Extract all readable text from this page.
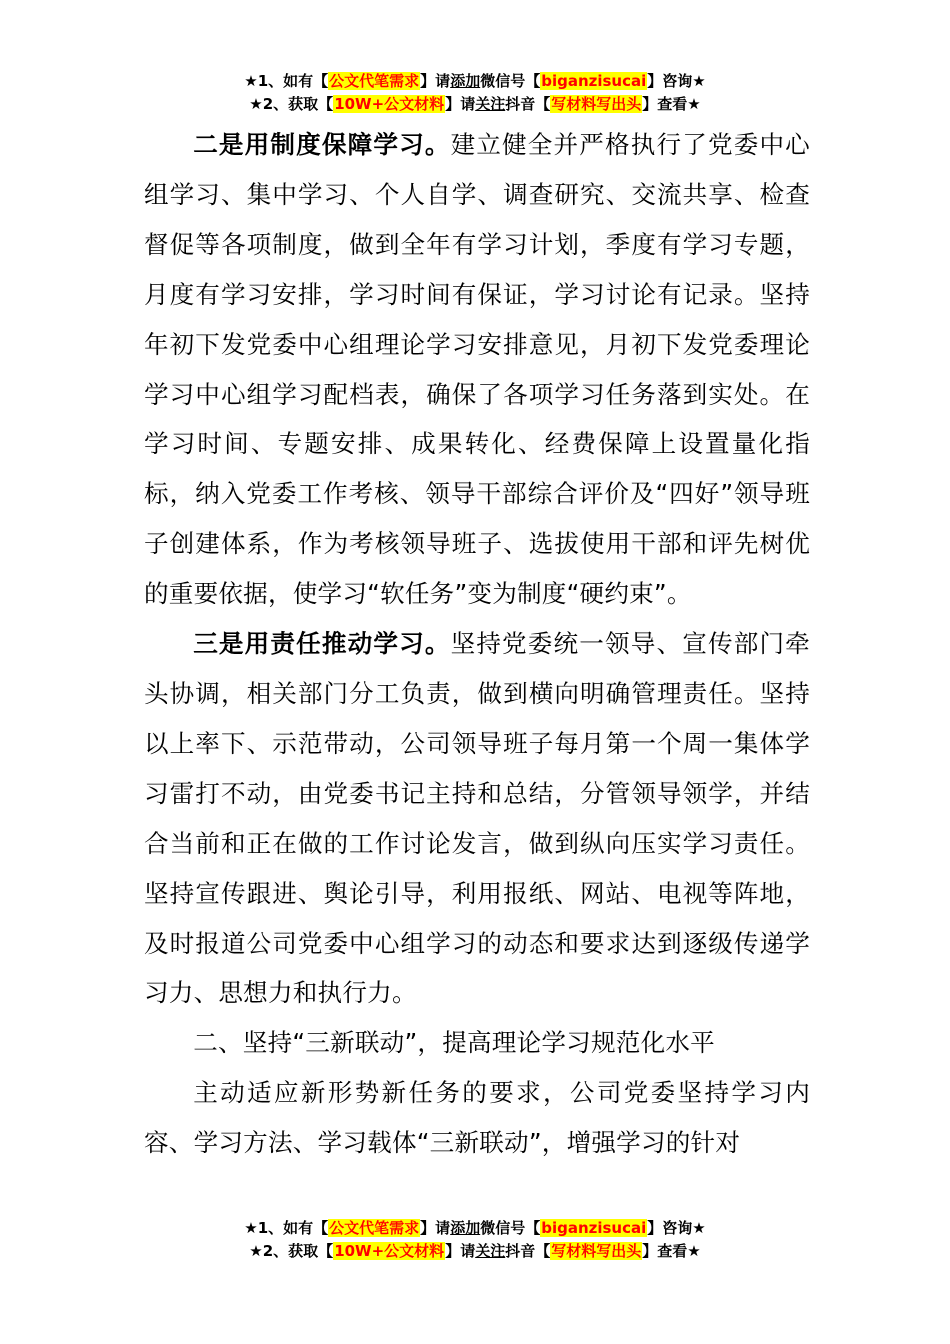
★1、如有【公文代笔需求】请添加微信号【biganzisucai】咨询★
★2、获取【10W+公文材料】请关注抖音【写材料写出头】查看★

二是用制度保障学习。建立健全并严格执行了党委中心组学习、集中学习、个人自学、调查研究、交流共享、检查督促等各项制度，做到全年有学习计划，季度有学习专题，月度有学习安排，学习时间有保证，学习讨论有记录。坚持年初下发党委中心组理论学习安排意见，月初下发党委理论学习中心组学习配档表，确保了各项学习任务落到实处。在学习时间、专题安排、成果转化、经费保障上设置量化指标，纳入党委工作考核、领导干部综合评价及“四好”领导班子创建体系，作为考核领导班子、选拔使用干部和评先树优的重要依据，使学习“软任务”变为制度“硬约束”。

三是用责任推动学习。坚持党委统一领导、宣传部门牵头协调，相关部门分工负责，做到横向明确管理责任。坚持以上率下、示范带动，公司领导班子每月第一个周一集体学习雷打不动，由党委书记主持和总结，分管领导领学，并结合当前和正在做的工作讨论发言，做到纵向压实学习责任。坚持宣传跟进、舆论引导，利用报纸、网站、电视等阵地，及时报道公司党委中心组学习的动态和要求达到逐级传递学习力、思想力和执行力。

二、坚持“三新联动”，提高理论学习规范化水平

主动适应新形势新任务的要求，公司党委坚持学习内容、学习方法、学习载体“三新联动”，增强学习的针对

★1、如有【公文代笔需求】请添加微信号【biganzisucai】咨询★
★2、获取【10W+公文材料】请关注抖音【写材料写出头】查看★
